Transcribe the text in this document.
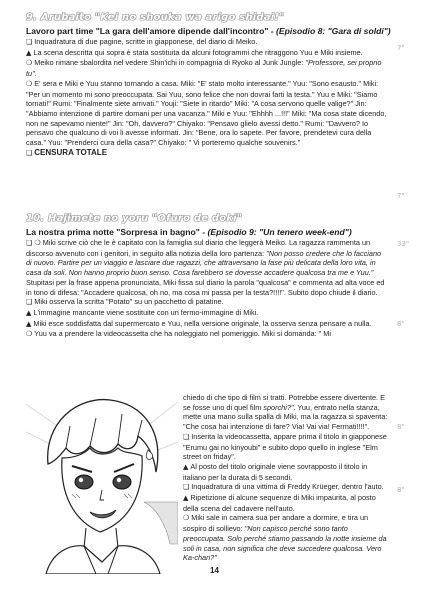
9. Arubaito "Kei no shouka wa arigo shidai!"
Lavoro part time "La gara dell'amore dipende dall'incontro" - (Episodio 8: "Gara di soldi")

❑ Inquadratura di due pagine, scritte in giapponese, del diario di Meiko.

▲ La scena descritta qui sopra è stata sostituita da alcuni fotogrammi che ritraggono Yuu e Miki insieme.

❍ Meiko rimane sbalordita nel vedere Shin'ichi in compagnia di Ryoko al Junk Jungle: "Professore, sei proprio tu".

❍ E' sera e Miki e Yuu stanno tornando a casa. Miki: "E' stato molto interessante." Yuu: "Sono esausto." Miki: "Per un momento mi sono preoccupata. Sai Yuu, sono felice che non dovrai farti la testa." Yuu e Miki: "Siamo tornati!" Rumi: "Finalmente siete arrivati." Youji: "Siete in ritardo" Miki: "A cosa servono quelle valige?" Jin: "Abbiamo intenzione di partire domani per una vacanza." Miki e Yuu: "Ehhhh ...!!!" Miki: "Ma cosa state dicendo, non ne sapevamo niente!" Jin: "Oh, davvero?" Chiyako: "Pensavo glielo avessi detto." Rumi: "Davvero? Io pensavo che qualcuno di voi li avesse informati. Jin: "Bene, ora lo sapete. Per favore, prendetevi cura della casa." Yuu: "Prenderci cura della casa?" Chiyako: " Vi porteremo qualche souvenirs."

❑ CENSURA TOTALE

10. Hajimete no yoru "Ofuro de doki"
La nostra prima notte "Sorpresa in bagno" - (Episodio 9: "Un tenero week-end")

❑ ❍ Miki scrive ciò che le è capitato con la famiglia sul diario che leggerà Meiko. La ragazza rammenta un discorso avvenuto con i genitori, in seguito alla notizia della loro partenza: "Non posso credere che lo facciano di nuovo. Partire per un viaggio e lasciare due ragazzi, che attraversano la fase più delicata della loro vita, in casa da soli. Non hanno proprio buon senso. Cosa farebbero se dovesse accadere qualcosa tra me e Yuu." Stupitasi per la frase appena pronunciata, Miki fissa sul diario la parola "qualcosa" e commenta ad alta voce ed in tono di difesa: "Accadere qualcosa, oh no, ma cosa mi passa per la testa?!!!!". Subito dopo chiude il diario.

❑ Miki osserva la scritta "Potato" su un pacchetto di patatine.

▲ L'immagine mancante viene sostituite con un fermo-immagine di Miki.

▲ Miki esce soddisfatta dal supermercato e Yuu, nella versione originale, la osserva senza pensare a nulla.

❍ Yuu va a prendere la videocassetta che ha noleggiato nel pomeriggio. Miki si domanda: " Mi

chiedo di che tipo di film si tratti. Potrebbe essere divertente. E se fosse uno di quel film sporchi?". Yuu, entrato nella stanza, mette una mano sulla spalla di Miki, ma la ragazza si spaventa: "Che cosa hai intenzione di fare? Via! Vai via! Fermati!!!!".

❑ Inserita la videocassetta, appare prima il titolo in giapponese "Erumu gai no kinyoubi" e subito dopo quello in inglese "Elm street on friday".

▲ Al posto del titolo originale viene sovrapposto il titolo in italiano per la durata di 5 secondi.

❑ Inquadratura di una vittima di Freddy Krüeger, dentro l'auto.

▲ Ripetizione di alcune sequenze di Miki impaurita, al posto della scena del cadavere nell'auto.

❍ Miki sale in camera sua per andare a dormire, e tira un sospiro di sollievo: "Non capisco perché sono tanto preoccupata. Solo perché stiamo passando la notte insieme da soli in casa, non significa che deve succedere qualcosa. Vero Ka-chan?"

7"
7"
33"
8"
8"
8"
14
